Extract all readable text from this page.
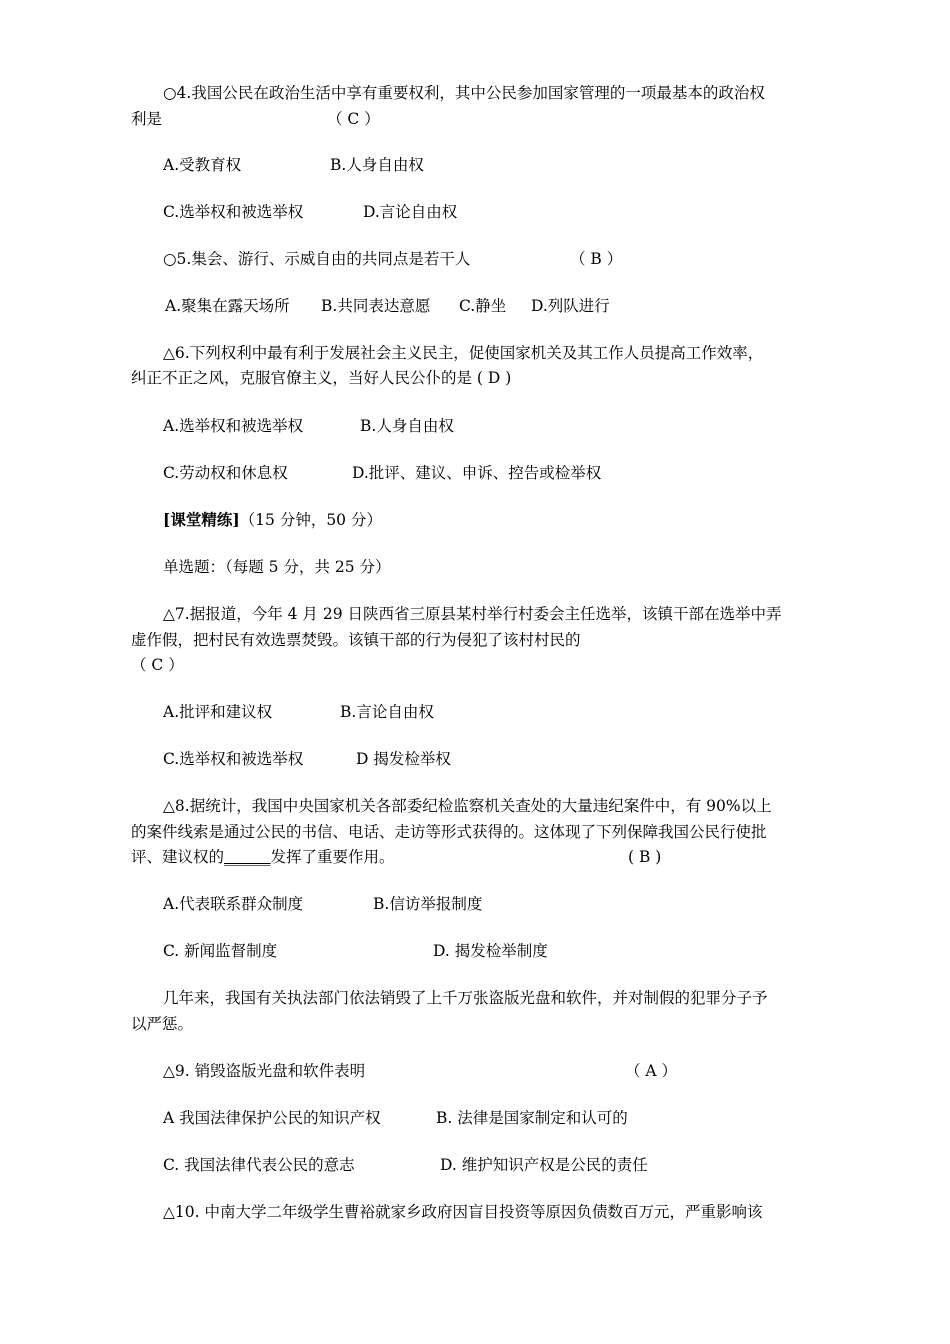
○4.我国公民在政治生活中享有重要权利，其中公民参加国家管理的一项最基本的政治权
利是	（ C ）
A.受教育权	B.人身自由权
C.选举权和被选举权	D.言论自由权
○5.集会、游行、示威自由的共同点是若干人	（ B ）
A.聚集在露天场所 B.共同表达意愿 C.静坐 D.列队进行
△6.下列权利中最有利于发展社会主义民主，促使国家机关及其工作人员提高工作效率，
纠正不正之风，克服官僚主义，当好人民公仆的是 ( D )
A.选举权和被选举权	B.人身自由权
C.劳动权和休息权	D.批评、建议、申诉、控告或检举权
[课堂精练]（15 分钟，50 分）
单选题：（每题 5 分，共 25 分）
△7.据报道，今年 4 月 29 日陕西省三原县某村举行村委会主任选举，该镇干部在选举中弄
虚作假，把村民有效选票焚毁。该镇干部的行为侵犯了该村村民的
（ C ）
A.批评和建议权	B.言论自由权
C.选举权和被选举权	D 揭发检举权
△8.据统计，我国中央国家机关各部委纪检监察机关查处的大量违纪案件中，有 90%以上
的案件线索是通过公民的书信、电话、走访等形式获得的。这体现了下列保障我国公民行使批
评、建议权的______发挥了重要作用。	( B )
A.代表联系群众制度	B.信访举报制度
C. 新闻监督制度	D. 揭发检举制度
几年来，我国有关执法部门依法销毁了上千万张盗版光盘和软件，并对制假的犯罪分子予
以严惩。
△9. 销毁盗版光盘和软件表明	（ A ）
A 我国法律保护公民的知识产权	B. 法律是国家制定和认可的
C. 我国法律代表公民的意志	D. 维护知识产权是公民的责任
△10. 中南大学二年级学生曹裕就家乡政府因盲目投资等原因负债数百万元，严重影响该
